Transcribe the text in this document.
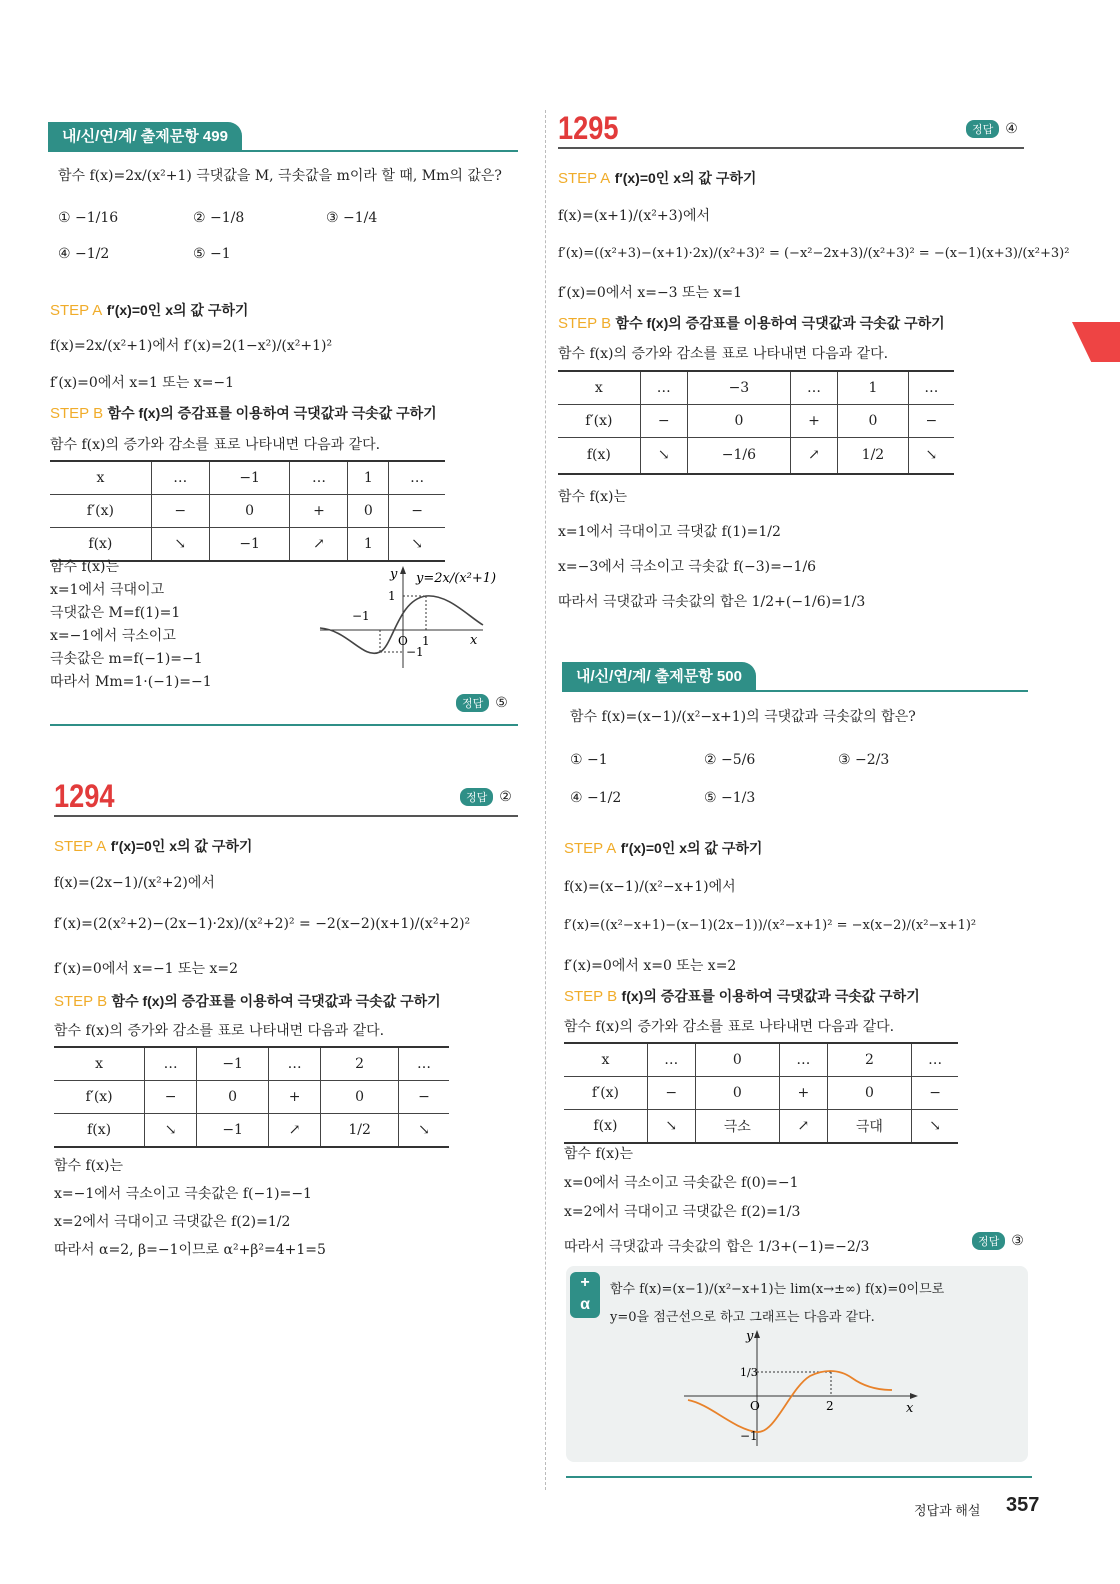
내/신/연/계/ 출제문항 499
함수 f(x)=2x/(x²+1) 극댓값을 M, 극솟값을 m이라 할 때, Mm의 값은?
① −1/16	② −1/8	③ −1/4
④ −1/2	⑤ −1
STEP A f′(x)=0인 x의 값 구하기
f(x)=2x/(x²+1)에서 f′(x)=2(1−x²)/(x²+1)²
f′(x)=0에서 x=1 또는 x=−1
STEP B 함수 f(x)의 증감표를 이용하여 극댓값과 극솟값 구하기
함수 f(x)의 증가와 감소를 표로 나타내면 다음과 같다.
x	…	−1	…	1	…
f′(x)	−	0	+	0	−
f(x)	↘	−1	↗	1	↘
함수 f(x)는
x=1에서 극대이고
극댓값은 M=f(1)=1
x=−1에서 극소이고
극솟값은 m=f(−1)=−1
따라서 Mm=1·(−1)=−1
y
x
O 1
−1
1
−1
y=2x/(x²+1)
정답 ⑤
1294	정답 ②
STEP A f′(x)=0인 x의 값 구하기
f(x)=(2x−1)/(x²+2)에서
f′(x)=(2(x²+2)−(2x−1)·2x)/(x²+2)² = −2(x−2)(x+1)/(x²+2)²
f′(x)=0에서 x=−1 또는 x=2
STEP B 함수 f(x)의 증감표를 이용하여 극댓값과 극솟값 구하기
함수 f(x)의 증가와 감소를 표로 나타내면 다음과 같다.
x	…	−1	…	2	…
f′(x)	−	0	+	0	−
f(x)	↘	−1	↗	1/2	↘
함수 f(x)는
x=−1에서 극소이고 극솟값은 f(−1)=−1
x=2에서 극대이고 극댓값은 f(2)=1/2
따라서 α=2, β=−1이므로 α²+β²=4+1=5
1295	정답 ④
STEP A f′(x)=0인 x의 값 구하기
f(x)=(x+1)/(x²+3)에서
f′(x)=((x²+3)−(x+1)·2x)/(x²+3)² = (−x²−2x+3)/(x²+3)² = −(x−1)(x+3)/(x²+3)²
f′(x)=0에서 x=−3 또는 x=1
STEP B 함수 f(x)의 증감표를 이용하여 극댓값과 극솟값 구하기
함수 f(x)의 증가와 감소를 표로 나타내면 다음과 같다.
x	…	−3	…	1	…
f′(x)	−	0	+	0	−
f(x)	↘	−1/6	↗	1/2	↘
함수 f(x)는
x=1에서 극대이고 극댓값 f(1)=1/2
x=−3에서 극소이고 극솟값 f(−3)=−1/6
따라서 극댓값과 극솟값의 합은 1/2+(−1/6)=1/3
내/신/연/계/ 출제문항 500
함수 f(x)=(x−1)/(x²−x+1)의 극댓값과 극솟값의 합은?
① −1	② −5/6	③ −2/3
④ −1/2	⑤ −1/3
STEP A f′(x)=0인 x의 값 구하기
f(x)=(x−1)/(x²−x+1)에서
f′(x)=((x²−x+1)−(x−1)(2x−1))/(x²−x+1)² = −x(x−2)/(x²−x+1)²
f′(x)=0에서 x=0 또는 x=2
STEP B f(x)의 증감표를 이용하여 극댓값과 극솟값 구하기
함수 f(x)의 증가와 감소를 표로 나타내면 다음과 같다.
x	…	0	…	2	…
f′(x)	−	0	+	0	−
f(x)	↘	극소	↗	극대	↘
함수 f(x)는
x=0에서 극소이고 극솟값은 f(0)=−1
x=2에서 극대이고 극댓값은 f(2)=1/3
따라서 극댓값과 극솟값의 합은 1/3+(−1)=−2/3	정답 ③
+
α
함수 f(x)=(x−1)/(x²−x+1)는 lim(x→±∞) f(x)=0이므로
y=0을 점근선으로 하고 그래프는 다음과 같다.
y
x
O	2
1/3
−1
정답과 해설 357
